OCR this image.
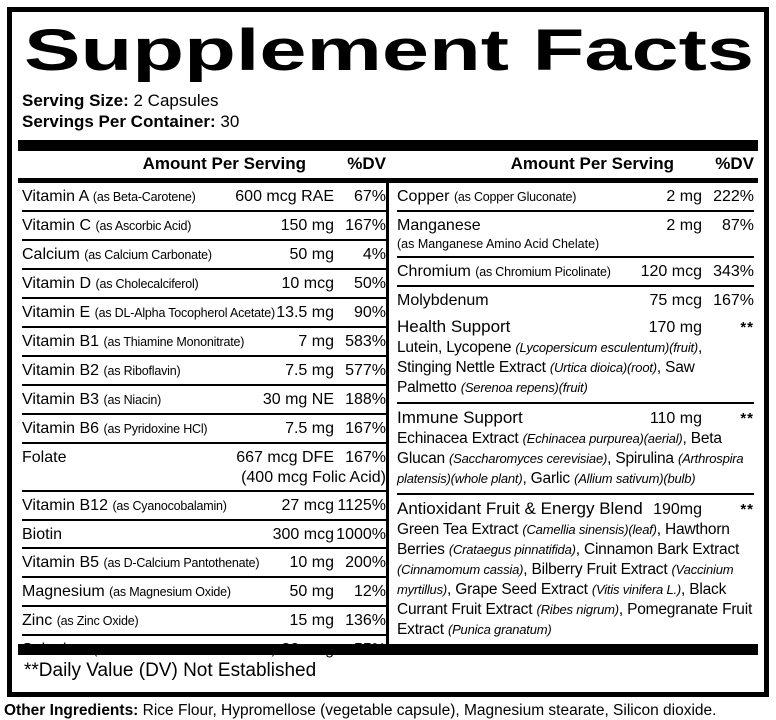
Supplement Facts
Serving Size: 2 Capsules
Servings Per Container: 30
Amount Per Serving	%DV	Amount Per Serving	%DV
Vitamin A (as Beta-Carotene)	600 mcg RAE	67%
Vitamin C (as Ascorbic Acid)	150 mg 167%
Calcium (as Calcium Carbonate)	50 mg	4%
Vitamin D (as Cholecalciferol)	10 mcg	50%
Vitamin E (as DL-Alpha Tocopherol Acetate) 13.5 mg	90%
Vitamin B1 (as Thiamine Mononitrate)	7 mg 583%
Vitamin B2 (as Riboflavin)	7.5 mg 577%
Vitamin B3 (as Niacin)	30 mg NE 188%
Vitamin B6 (as Pyridoxine HCl)	7.5 mg 167%
Folate	667 mcg DFE 167%
(400 mcg Folic Acid)
Vitamin B12 (as Cyanocobalamin)	27 mcg 1125%
Biotin	300 mcg 1000%
Vitamin B5 (as D-Calcium Pantothenate)	10 mg 200%
Magnesium (as Magnesium Oxide)	50 mg	12%
Zinc (as Zinc Oxide)	15 mg 136%
Selenium (as Selenium Amino Acid Chelate) 30 mcg	55%
Copper (as Copper Gluconate)	2 mg 222%
Manganese	2 mg	87%
(as Manganese Amino Acid Chelate)
Chromium (as Chromium Picolinate)	120 mcg 343%
Molybdenum	75 mcg 167%
Health Support	170 mg	**
Lutein, Lycopene (Lycopersicum esculentum)(fruit), Stinging Nettle Extract (Urtica dioica)(root), Saw Palmetto (Serenoa repens)(fruit)
Immune Support	110 mg	**
Echinacea Extract (Echinacea purpurea)(aerial), Beta Glucan (Saccharomyces cerevisiae), Spirulina (Arthrospira platensis)(whole plant), Garlic (Allium sativum)(bulb)
Antioxidant Fruit & Energy Blend 190mg	**
Green Tea Extract (Camellia sinensis)(leaf), Hawthorn Berries (Crataegus pinnatifida), Cinnamon Bark Extract (Cinnamomum cassia), Bilberry Fruit Extract (Vaccinium myrtillus), Grape Seed Extract (Vitis vinifera L.), Black Currant Fruit Extract (Ribes nigrum), Pomegranate Fruit Extract (Punica granatum)
**Daily Value (DV) Not Established
Other Ingredients: Rice Flour, Hypromellose (vegetable capsule), Magnesium stearate, Silicon dioxide.
